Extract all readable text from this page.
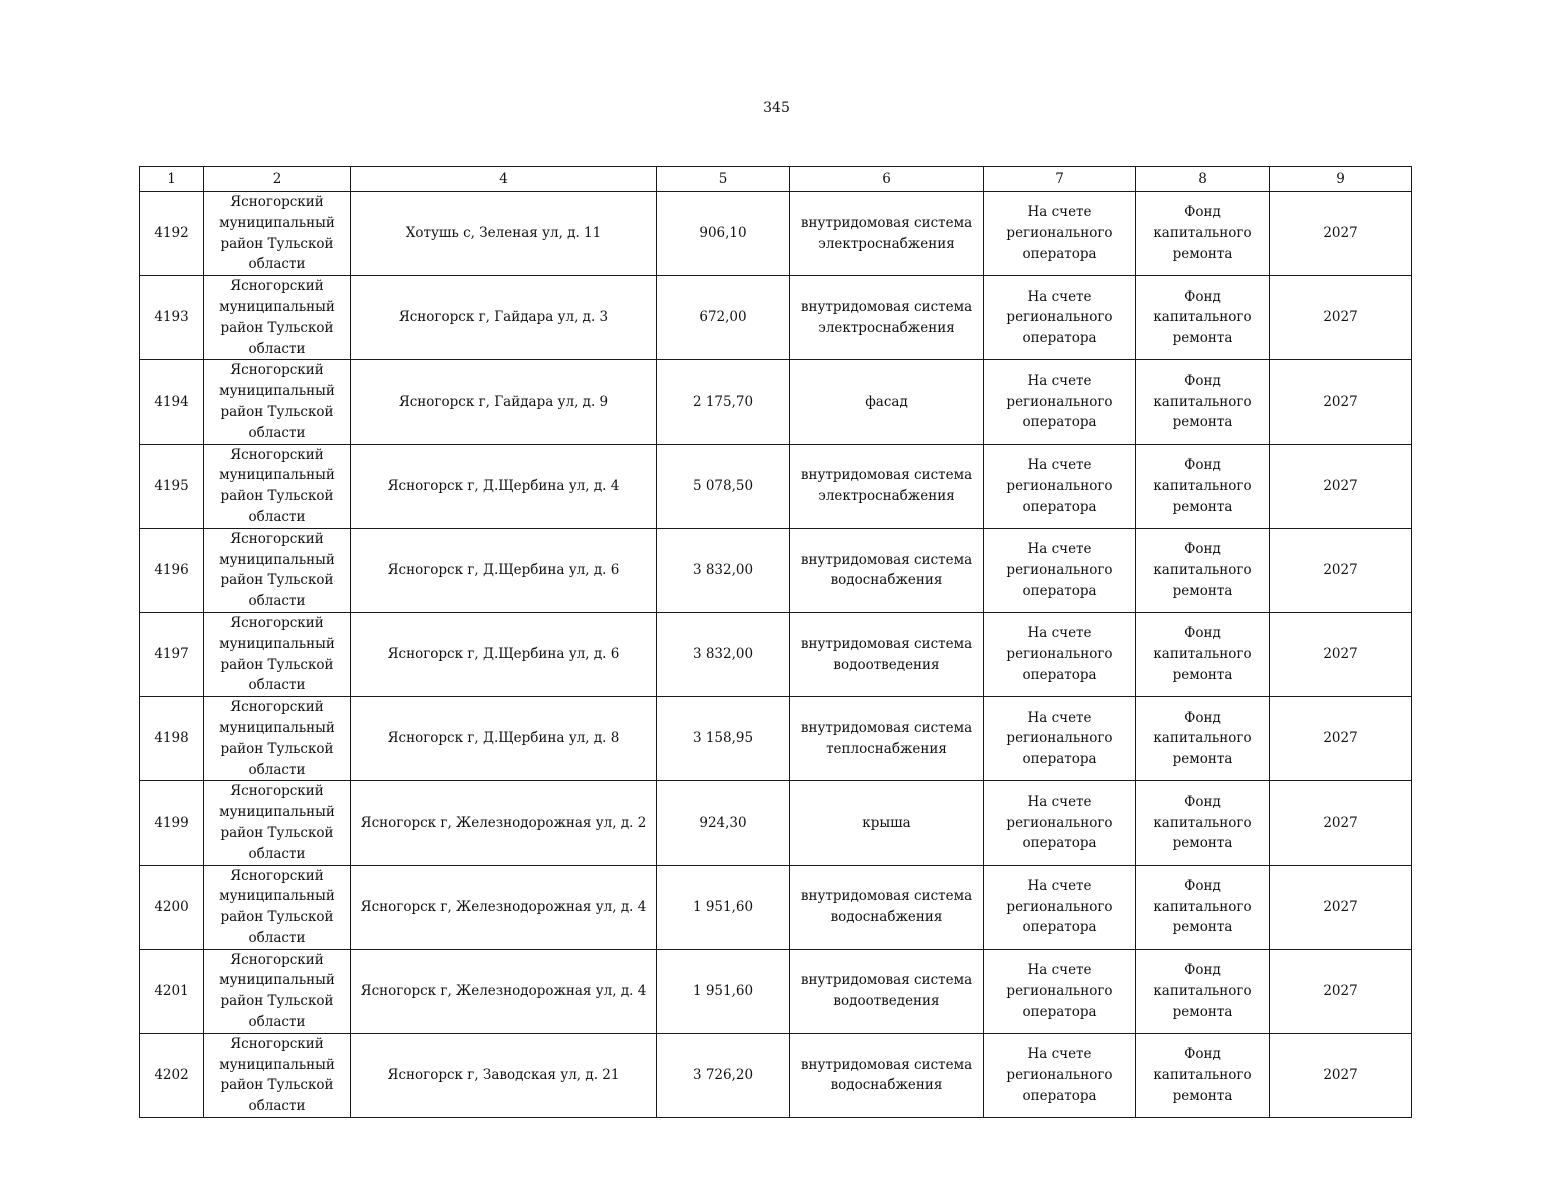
345
1	2	4	5	6	7	8	9
4192	Ясногорский
муниципальный
район Тульской
области	Хотушь с, Зеленая ул, д. 11	906,10	внутридомовая система
электроснабжения	На счете
регионального
оператора	Фонд
капитального
ремонта	2027
4193	Ясногорский
муниципальный
район Тульской
области	Ясногорск г, Гайдара ул, д. 3	672,00	внутридомовая система
электроснабжения	На счете
регионального
оператора	Фонд
капитального
ремонта	2027
4194	Ясногорский
муниципальный
район Тульской
области	Ясногорск г, Гайдара ул, д. 9	2 175,70	фасад	На счете
регионального
оператора	Фонд
капитального
ремонта	2027
4195	Ясногорский
муниципальный
район Тульской
области	Ясногорск г, Д.Щербина ул, д. 4	5 078,50	внутридомовая система
электроснабжения	На счете
регионального
оператора	Фонд
капитального
ремонта	2027
4196	Ясногорский
муниципальный
район Тульской
области	Ясногорск г, Д.Щербина ул, д. 6	3 832,00	внутридомовая система
водоснабжения	На счете
регионального
оператора	Фонд
капитального
ремонта	2027
4197	Ясногорский
муниципальный
район Тульской
области	Ясногорск г, Д.Щербина ул, д. 6	3 832,00	внутридомовая система
водоотведения	На счете
регионального
оператора	Фонд
капитального
ремонта	2027
4198	Ясногорский
муниципальный
район Тульской
области	Ясногорск г, Д.Щербина ул, д. 8	3 158,95	внутридомовая система
теплоснабжения	На счете
регионального
оператора	Фонд
капитального
ремонта	2027
4199	Ясногорский
муниципальный
район Тульской
области	Ясногорск г, Железнодорожная ул, д. 2	924,30	крыша	На счете
регионального
оператора	Фонд
капитального
ремонта	2027
4200	Ясногорский
муниципальный
район Тульской
области	Ясногорск г, Железнодорожная ул, д. 4	1 951,60	внутридомовая система
водоснабжения	На счете
регионального
оператора	Фонд
капитального
ремонта	2027
4201	Ясногорский
муниципальный
район Тульской
области	Ясногорск г, Железнодорожная ул, д. 4	1 951,60	внутридомовая система
водоотведения	На счете
регионального
оператора	Фонд
капитального
ремонта	2027
4202	Ясногорский
муниципальный
район Тульской
области	Ясногорск г, Заводская ул, д. 21	3 726,20	внутридомовая система
водоснабжения	На счете
регионального
оператора	Фонд
капитального
ремонта	2027
